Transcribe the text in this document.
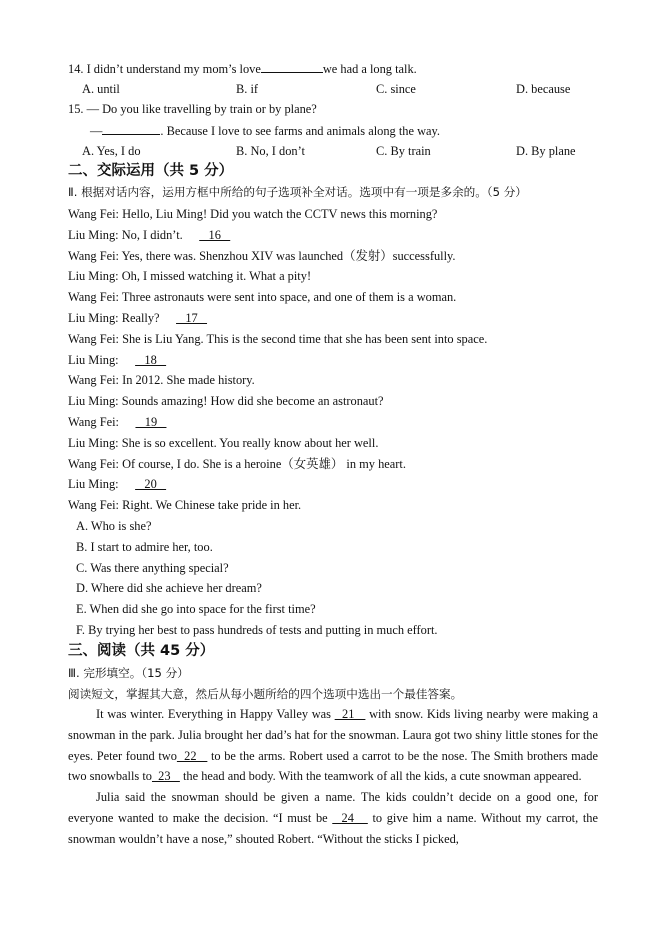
14. I didn’t understand my mom’s love	we had a long talk.
A. until	B. if	C. since	D. because
15. — Do you like travelling by train or by plane?
—	. Because I love to see farms and animals along the way.
A. Yes, I do	B. No, I don’t	C. By train	D. By plane
二、交际运用（共 5 分）
Ⅱ. 根据对话内容，运用方框中所给的句子选项补全对话。选项中有一项是多余的。（5 分）
Wang Fei: Hello, Liu Ming! Did you watch the CCTV news this morning?
Liu Ming: No, I didn’t.   16
Wang Fei: Yes, there was. Shenzhou XIV was launched（发射）successfully.
Liu Ming: Oh, I missed watching it. What a pity!
Wang Fei: Three astronauts were sent into space, and one of them is a woman.
Liu Ming: Really?   17
Wang Fei: She is Liu Yang. This is the second time that she has been sent into space.
Liu Ming:   18
Wang Fei: In 2012. She made history.
Liu Ming: Sounds amazing! How did she become an astronaut?
Wang Fei:   19
Liu Ming: She is so excellent. You really know about her well.
Wang Fei: Of course, I do. She is a heroine（女英雄） in my heart.
Liu Ming:   20
Wang Fei: Right. We Chinese take pride in her.
A. Who is she?
B. I start to admire her, too.
C. Was there anything special?
D. Where did she achieve her dream?
E. When did she go into space for the first time?
F. By trying her best to pass hundreds of tests and putting in much effort.
三、阅读（共 45 分）
Ⅲ. 完形填空。（15 分）
阅读短文，掌握其大意，然后从每小题所给的四个选项中选出一个最佳答案。

It was winter. Everything in Happy Valley was   21    with snow. Kids living nearby were making a snowman in the park. Julia brought her dad’s hat for the snowman. Laura got two shiny little stones for the eyes. Peter found two  22    to be the arms. Robert used a carrot to be the nose. The Smith brothers made two snowballs to  23    the head and body. With the teamwork of all the kids, a cute snowman appeared.

Julia said the snowman should be given a name. The kids couldn’t decide on a good one, for everyone wanted to make the decision. “I must be   24    to give him a name. Without my carrot, the snowman wouldn’t have a nose,” shouted Robert. “Without the sticks I picked,
